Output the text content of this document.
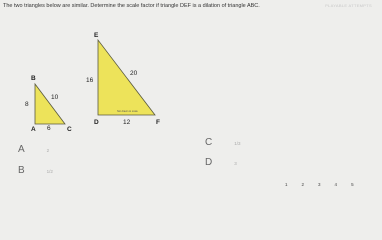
The two triangles below are similar. Determine the scale factor if triangle DEF is a dilation of triangle ABC.	PLAYABLE ATTEMPTS
B
A	C
8
10
6
E
D	F
16
20
12
Not drawn to scale
A	2
B	1/2
C	1/3
D	3
1	2	3	4	5
